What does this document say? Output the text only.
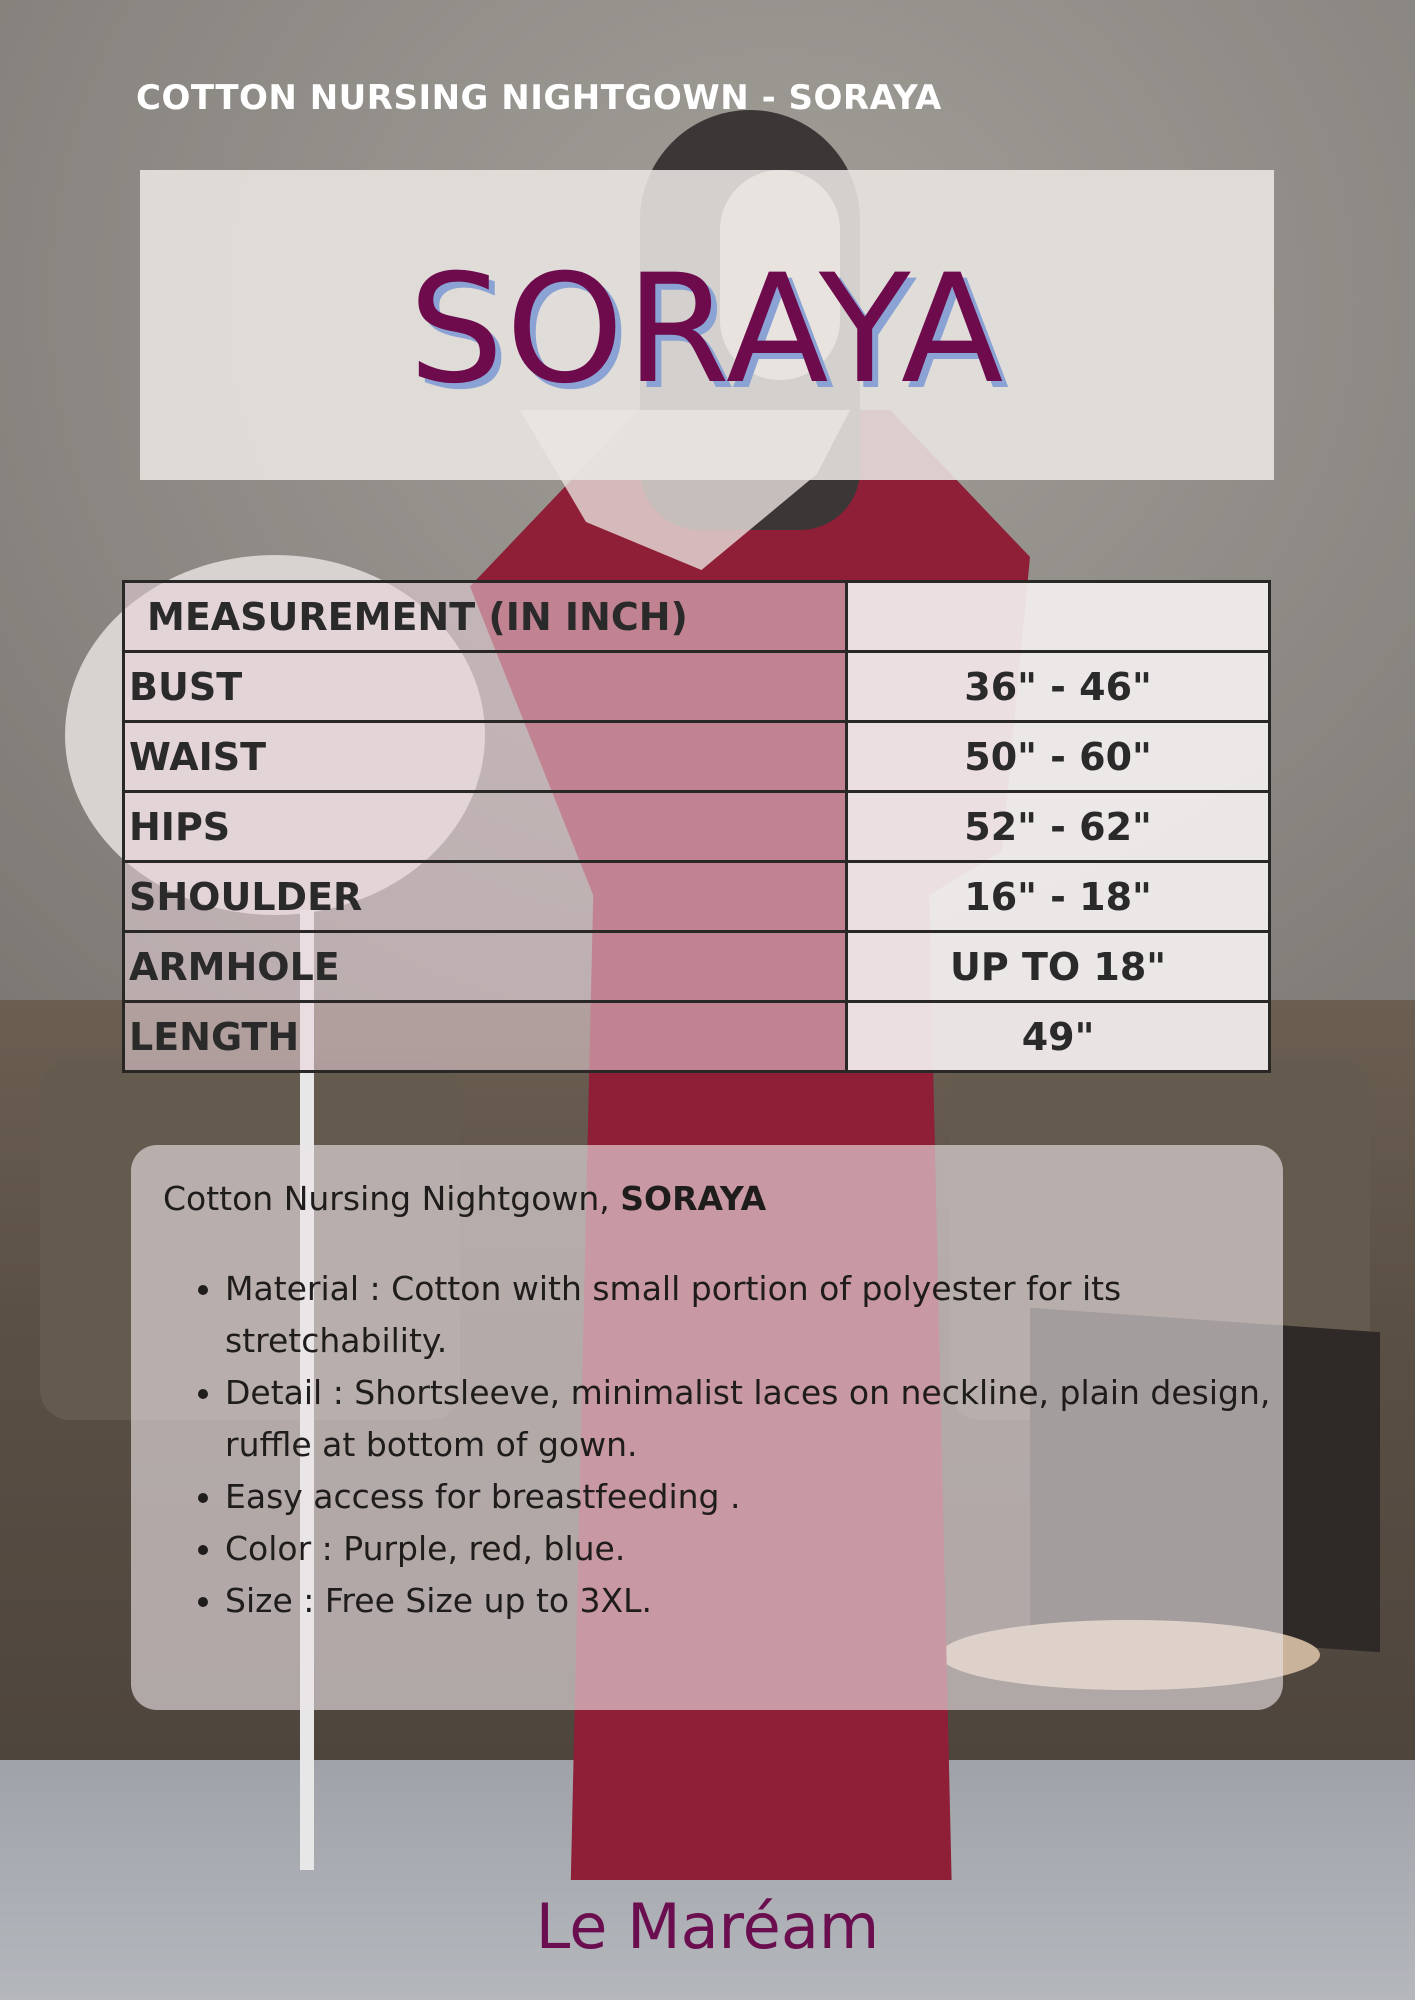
COTTON NURSING NIGHTGOWN - SORAYA
SORAYA
MEASUREMENT (IN INCH)	
BUST	36" - 46"
WAIST	50" - 60"
HIPS	52" - 62"
SHOULDER	16" - 18"
ARMHOLE	UP TO 18"
LENGTH	49"
Cotton Nursing Nightgown, SORAYA
• Material : Cotton with small portion of polyester for its stretchability.
• Detail : Shortsleeve, minimalist laces on neckline, plain design, ruffle at bottom of gown.
• Easy access for breastfeeding .
• Color : Purple, red, blue.
• Size : Free Size up to 3XL.
Le Maréam
